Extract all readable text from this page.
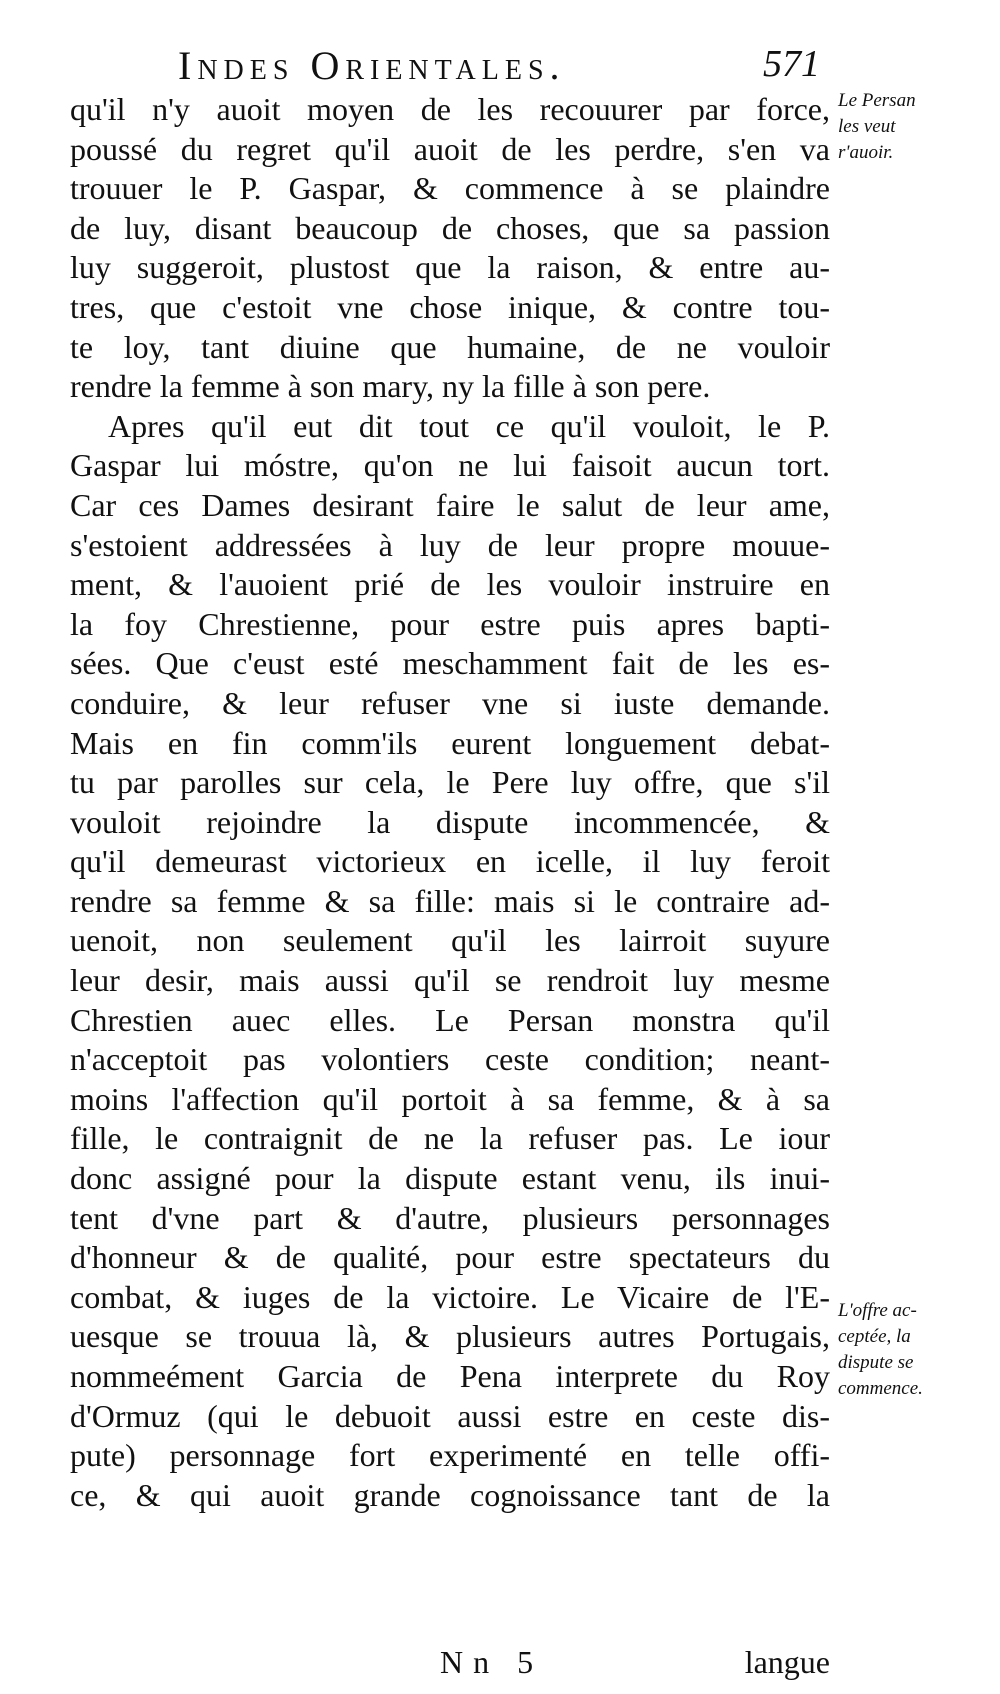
Indes Orientales.	571
qu'il n'y auoit moyen de les recouurer par force,
poussé du regret qu'il auoit de les perdre, s'en va
trouuer le P. Gaspar, & commence à se plaindre
de luy, disant beaucoup de choses, que sa passion
luy suggeroit, plustost que la raison, & entre au-
tres, que c'estoit vne chose inique, & contre tou-
te loy, tant diuine que humaine, de ne vouloir
rendre la femme à son mary, ny la fille à son pere.
Apres qu'il eut dit tout ce qu'il vouloit, le P.
Gaspar lui móstre, qu'on ne lui faisoit aucun tort.
Car ces Dames desirant faire le salut de leur ame,
s'estoient addressées à luy de leur propre mouue-
ment, & l'auoient prié de les vouloir instruire en
la foy Chrestienne, pour estre puis apres bapti-
sées. Que c'eust esté meschamment fait de les es-
conduire, & leur refuser vne si iuste demande.
Mais en fin comm'ils eurent longuement debat-
tu par parolles sur cela, le Pere luy offre, que s'il
vouloit rejoindre la dispute incommencée, &
qu'il demeurast victorieux en icelle, il luy feroit
rendre sa femme & sa fille: mais si le contraire ad-
uenoit, non seulement qu'il les lairroit suyure
leur desir, mais aussi qu'il se rendroit luy mesme
Chrestien auec elles. Le Persan monstra qu'il
n'acceptoit pas volontiers ceste condition; neant-
moins l'affection qu'il portoit à sa femme, & à sa
fille, le contraignit de ne la refuser pas. Le iour
donc assigné pour la dispute estant venu, ils inui-
tent d'vne part & d'autre, plusieurs personnages
d'honneur & de qualité, pour estre spectateurs du
combat, & iuges de la victoire. Le Vicaire de l'E-
uesque se trouua là, & plusieurs autres Portugais,
nommeément Garcia de Pena interprete du Roy
d'Ormuz (qui le debuoit aussi estre en ceste dis-
pute) personnage fort experimenté en telle offi-
ce, & qui auoit grande cognoissance tant de la
Le Persan
les veut
r'auoir.
L'offre ac-
ceptée, la
dispute se
commence.
Nn 5	langue
